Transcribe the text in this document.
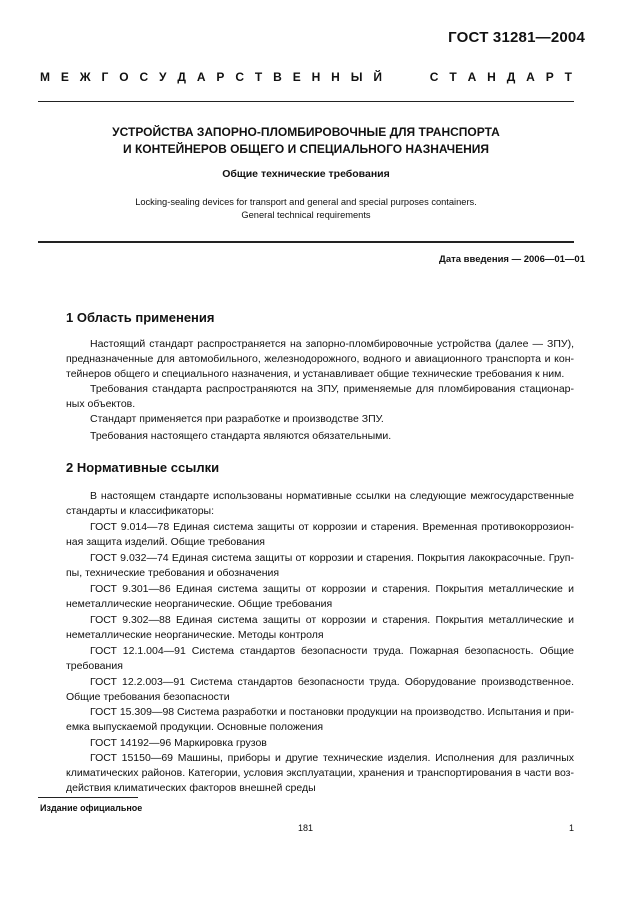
ГОСТ 31281—2004
М Е Ж Г О С У Д А Р С Т В Е Н Н Ы Й
	С Т А Н Д А Р Т
УСТРОЙСТВА ЗАПОРНО-ПЛОМБИРОВОЧНЫЕ ДЛЯ ТРАНСПОРТА
И КОНТЕЙНЕРОВ ОБЩЕГО И СПЕЦИАЛЬНОГО НАЗНАЧЕНИЯ
Общие технические требования
Locking-sealing devices for transport and general and special purposes containers.
General technical requirements
Дата введения — 2006—01—01
1 Область применения
Настоящий стандарт распространяется на запорно-пломбировочные устройства (далее — ЗПУ),
предназначенные для автомобильного, железнодорожного, водного и авиационного транспорта и кон-
тейнеров общего и специального назначения, и устанавливает общие технические требования к ним.
Требования стандарта распространяются на ЗПУ, применяемые для пломбирования стационар-
ных объектов.
Стандарт применяется при разработке и производстве ЗПУ.
Требования настоящего стандарта являются обязательными.
2 Нормативные ссылки
В настоящем стандарте использованы нормативные ссылки на следующие межгосударственные
стандарты и классификаторы:
ГОСТ 9.014—78 Единая система защиты от коррозии и старения. Временная противокоррозион-
ная защита изделий. Общие требования
ГОСТ 9.032—74 Единая система защиты от коррозии и старения. Покрытия лакокрасочные. Груп-
пы, технические требования и обозначения
ГОСТ 9.301—86 Единая система защиты от коррозии и старения. Покрытия металлические и
неметаллические неорганические. Общие требования
ГОСТ 9.302—88 Единая система защиты от коррозии и старения. Покрытия металлические и
неметаллические неорганические. Методы контроля
ГОСТ 12.1.004—91 Система стандартов безопасности труда. Пожарная безопасность. Общие
требования
ГОСТ 12.2.003—91 Система стандартов безопасности труда. Оборудование производственное.
Общие требования безопасности
ГОСТ 15.309—98 Система разработки и постановки продукции на производство. Испытания и при-
емка выпускаемой продукции. Основные положения
ГОСТ 14192—96 Маркировка грузов
ГОСТ 15150—69 Машины, приборы и другие технические изделия. Исполнения для различных
климатических районов. Категории, условия эксплуатации, хранения и транспортирования в части воз-
действия климатических факторов внешней среды
Издание официальное
181	1
